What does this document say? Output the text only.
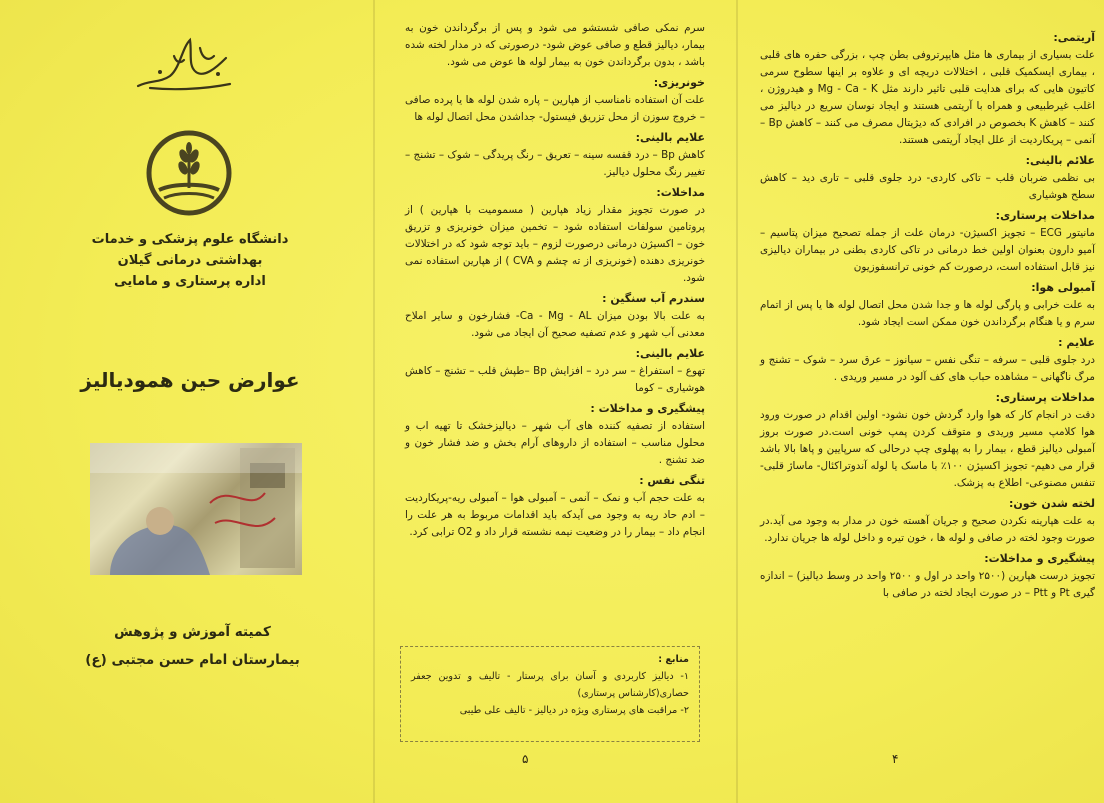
دانشگاه علوم پزشکی و خدمات
بهداشتی درمانی گیلان
اداره پرستاری و مامایی
عوارض حین همودیالیز
کمیته آموزش و پژوهش
بیمارستان امام حسن مجتبی (ع)

سرم نمکی صافی شستشو می شود و پس از برگرداندن خون به بیمار، دیالیز قطع و صافی عوض شود- درصورتی که در مدار لخته شده باشد ، بدون برگرداندن خون به بیمار لوله ها عوض می شود.

خونریزی:

علت آن استفاده نامناسب از هپارین – پاره شدن لوله ها یا پرده صافی – خروج سوزن از محل تزریق فیستول- جداشدن محل اتصال لوله ها

علایم بالینی:

کاهش Bp – درد قفسه سینه – تعریق – رنگ پریدگی – شوک – تشنج – تغییر رنگ محلول دیالیز.

مداخلات:

در صورت تجویز مقدار زیاد هپارین ( مسمومیت با هپارین ) از پروتامین سولفات استفاده شود – تخمین میزان خونریزی و تزریق خون – اکسیژن درمانی درصورت لزوم – باید توجه شود که در اختلالات خونریزی دهنده (خونریزی از ته چشم و CVA ) از هپارین استفاده نمی شود.

سندرم آب سنگین :

به علت بالا بودن میزان Ca - Mg - AL- فشارخون و سایر املاح معدنی آب شهر و عدم تصفیه صحیح آن ایجاد می شود.

علایم بالینی:

تهوع – استفراغ – سر درد – افزایش Bp –طپش قلب – تشنج – کاهش هوشیاری – کوما

پیشگیری و مداخلات :

استفاده از تصفیه کننده های آب شهر – دیالیزخشک تا تهیه اب و محلول مناسب – استفاده از داروهای آرام بخش و ضد فشار خون و ضد تشنج .

تنگی نفس :

به علت حجم آب و نمک – آنمی – آمبولی هوا – آمبولی ریه-پریکاردیت – ادم حاد ریه به وجود می آیدکه باید اقدامات مربوط به هر علت را انجام داد – بیمار را در وضعیت نیمه نشسته قرار داد و O2 ترابی کرد.

منابع :
۱- دیالیز کاربردی و آسان برای پرستار - تالیف و تدوین جعفر حصاری(کارشناس پرستاری)
۲- مراقبت های پرستاری ویژه در دیالیز - تالیف علی طیبی
آریتمی:

علت بسیاری از بیماری ها مثل هایپرتروفی بطن چپ ، بزرگی حفره های قلبی ، بیماری ایسکمیک قلبی ، اختلالات دریچه ای و علاوه بر اینها سطوح سرمی کاتیون هایی که برای هدایت قلبی تاثیر دارند مثل Mg - Ca - K و هیدروژن ، اغلب غیرطبیعی و همراه با آریتمی هستند و ایجاد نوسان سریع در دیالیز می کنند – کاهش K بخصوص در افرادی که دیژیتال مصرف می کنند – کاهش Bp – آنمی – پریکاردیت از علل ایجاد آریتمی هستند.

علائم بالینی:

بی نظمی ضربان قلب – تاکی کاردی- درد جلوی قلبی – تاری دید – کاهش سطح هوشیاری

مداخلات پرستاری:

مانیتور ECG – تجویز اکسیژن- درمان علت از جمله تصحیح میزان پتاسیم – آمیو دارون بعنوان اولین خط درمانی در تاکی کاردی بطنی در بیماران دیالیزی نیز قابل استفاده است، درصورت کم خونی ترانسفوزیون

آمبولی هوا:

به علت خرابی و پارگی لوله ها و جدا شدن محل اتصال لوله ها یا پس از اتمام سرم و یا هنگام برگرداندن خون ممکن است ایجاد شود.

علایم :

درد جلوی قلبی – سرفه – تنگی نفس – سیانوز – عرق سرد – شوک – تشنج و مرگ ناگهانی – مشاهده حباب های کف آلود در مسیر وریدی .

مداخلات پرستاری:

دقت در انجام کار که هوا وارد گردش خون نشود- اولین اقدام در صورت ورود هوا کلامپ مسیر وریدی و متوقف کردن پمپ خونی است.در صورت بروز آمبولی دیالیز قطع ، بیمار را به پهلوی چپ درحالی که سرپایین و پاها بالا باشد قرار می دهیم- تجویز اکسیژن ۱۰۰٪ با ماسک یا لوله آندوتراکئال- ماساژ قلبی- تنفس مصنوعی- اطلاع به پزشک.

لخته شدن خون:

به علت هپارینه نکردن صحیح و جریان آهسته خون در مدار به وجود می آید.در صورت وجود لخته در صافی و لوله ها ، خون تیره و داخل لوله ها جریان ندارد.

پیشگیری و مداخلات:

تجویز درست هپارین (۲۵۰۰ واحد در اول و ۲۵۰۰ واحد در وسط دیالیز) – اندازه گیری Pt و Ptt – در صورت ایجاد لخته در صافی با

۵	۴
